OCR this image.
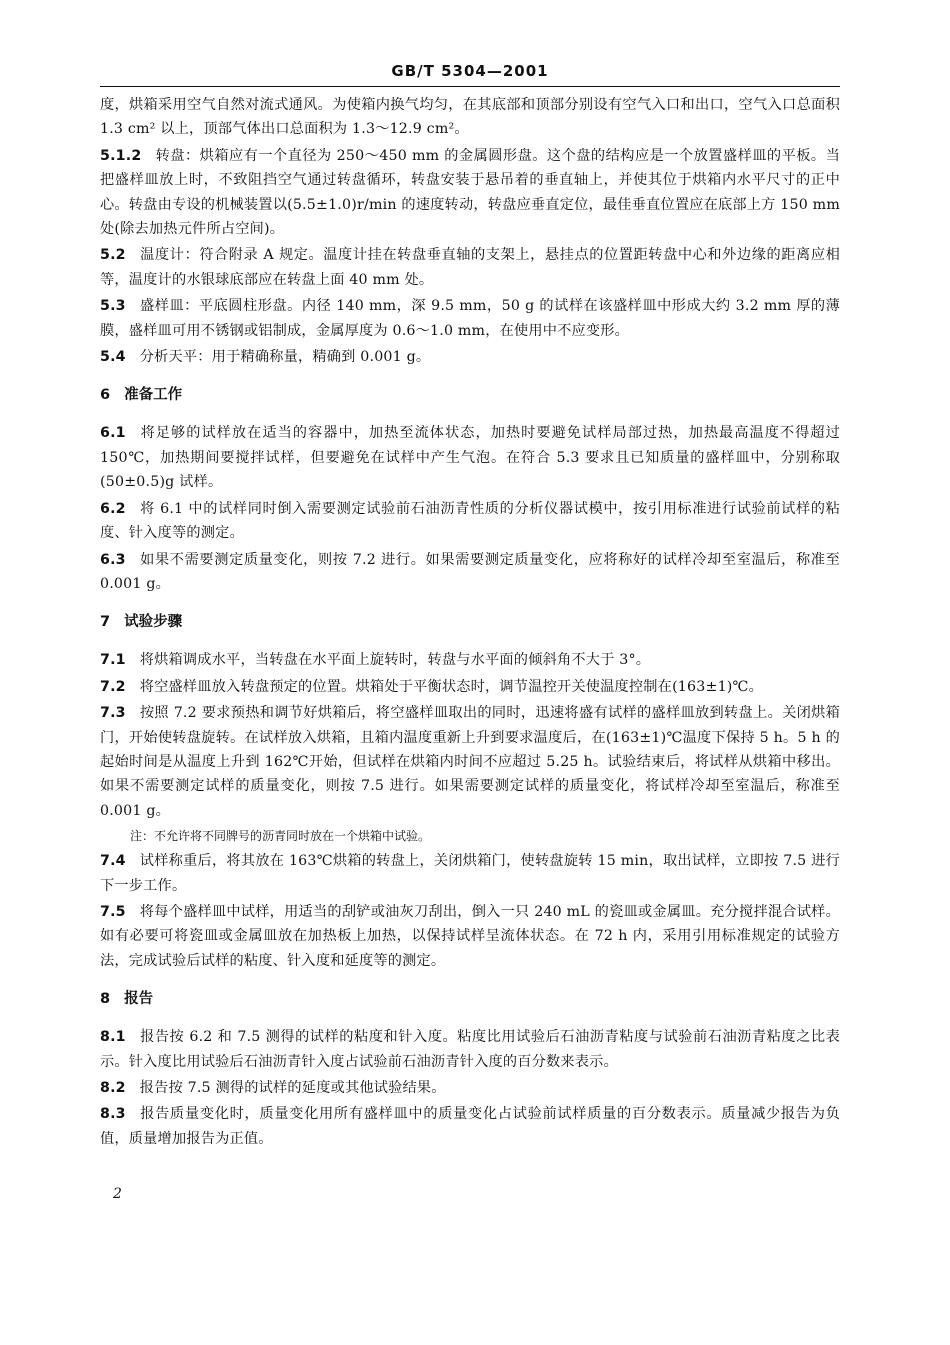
GB/T 5304—2001

度，烘箱采用空气自然对流式通风。为使箱内换气均匀，在其底部和顶部分别设有空气入口和出口，空气入口总面积 1.3 cm² 以上，顶部气体出口总面积为 1.3～12.9 cm²。

5.1.2 转盘：烘箱应有一个直径为 250～450 mm 的金属圆形盘。这个盘的结构应是一个放置盛样皿的平板。当把盛样皿放上时，不致阻挡空气通过转盘循环，转盘安装于悬吊着的垂直轴上，并使其位于烘箱内水平尺寸的正中心。转盘由专设的机械装置以(5.5±1.0)r/min 的速度转动，转盘应垂直定位，最佳垂直位置应在底部上方 150 mm 处(除去加热元件所占空间)。

5.2 温度计：符合附录 A 规定。温度计挂在转盘垂直轴的支架上，悬挂点的位置距转盘中心和外边缘的距离应相等，温度计的水银球底部应在转盘上面 40 mm 处。

5.3 盛样皿：平底圆柱形盘。内径 140 mm，深 9.5 mm，50 g 的试样在该盛样皿中形成大约 3.2 mm 厚的薄膜，盛样皿可用不锈钢或铝制成，金属厚度为 0.6～1.0 mm，在使用中不应变形。

5.4 分析天平：用于精确称量，精确到 0.001 g。

6 准备工作

6.1 将足够的试样放在适当的容器中，加热至流体状态，加热时要避免试样局部过热，加热最高温度不得超过 150℃，加热期间要搅拌试样，但要避免在试样中产生气泡。在符合 5.3 要求且已知质量的盛样皿中，分别称取(50±0.5)g 试样。

6.2 将 6.1 中的试样同时倒入需要测定试验前石油沥青性质的分析仪器试模中，按引用标准进行试验前试样的粘度、针入度等的测定。

6.3 如果不需要测定质量变化，则按 7.2 进行。如果需要测定质量变化，应将称好的试样冷却至室温后，称准至 0.001 g。

7 试验步骤

7.1 将烘箱调成水平，当转盘在水平面上旋转时，转盘与水平面的倾斜角不大于 3°。

7.2 将空盛样皿放入转盘预定的位置。烘箱处于平衡状态时，调节温控开关使温度控制在(163±1)℃。

7.3 按照 7.2 要求预热和调节好烘箱后，将空盛样皿取出的同时，迅速将盛有试样的盛样皿放到转盘上。关闭烘箱门，开始使转盘旋转。在试样放入烘箱，且箱内温度重新上升到要求温度后，在(163±1)℃温度下保持 5 h。5 h 的起始时间是从温度上升到 162℃开始，但试样在烘箱内时间不应超过 5.25 h。试验结束后，将试样从烘箱中移出。如果不需要测定试样的质量变化，则按 7.5 进行。如果需要测定试样的质量变化，将试样冷却至室温后，称准至 0.001 g。

注：不允许将不同牌号的沥青同时放在一个烘箱中试验。

7.4 试样称重后，将其放在 163℃烘箱的转盘上，关闭烘箱门，使转盘旋转 15 min，取出试样，立即按 7.5 进行下一步工作。

7.5 将每个盛样皿中试样，用适当的刮铲或油灰刀刮出，倒入一只 240 mL 的瓷皿或金属皿。充分搅拌混合试样。如有必要可将瓷皿或金属皿放在加热板上加热，以保持试样呈流体状态。在 72 h 内，采用引用标准规定的试验方法，完成试验后试样的粘度、针入度和延度等的测定。

8 报告

8.1 报告按 6.2 和 7.5 测得的试样的粘度和针入度。粘度比用试验后石油沥青粘度与试验前石油沥青粘度之比表示。针入度比用试验后石油沥青针入度占试验前石油沥青针入度的百分数来表示。

8.2 报告按 7.5 测得的试样的延度或其他试验结果。

8.3 报告质量变化时，质量变化用所有盛样皿中的质量变化占试验前试样质量的百分数表示。质量减少报告为负值，质量增加报告为正值。

2
